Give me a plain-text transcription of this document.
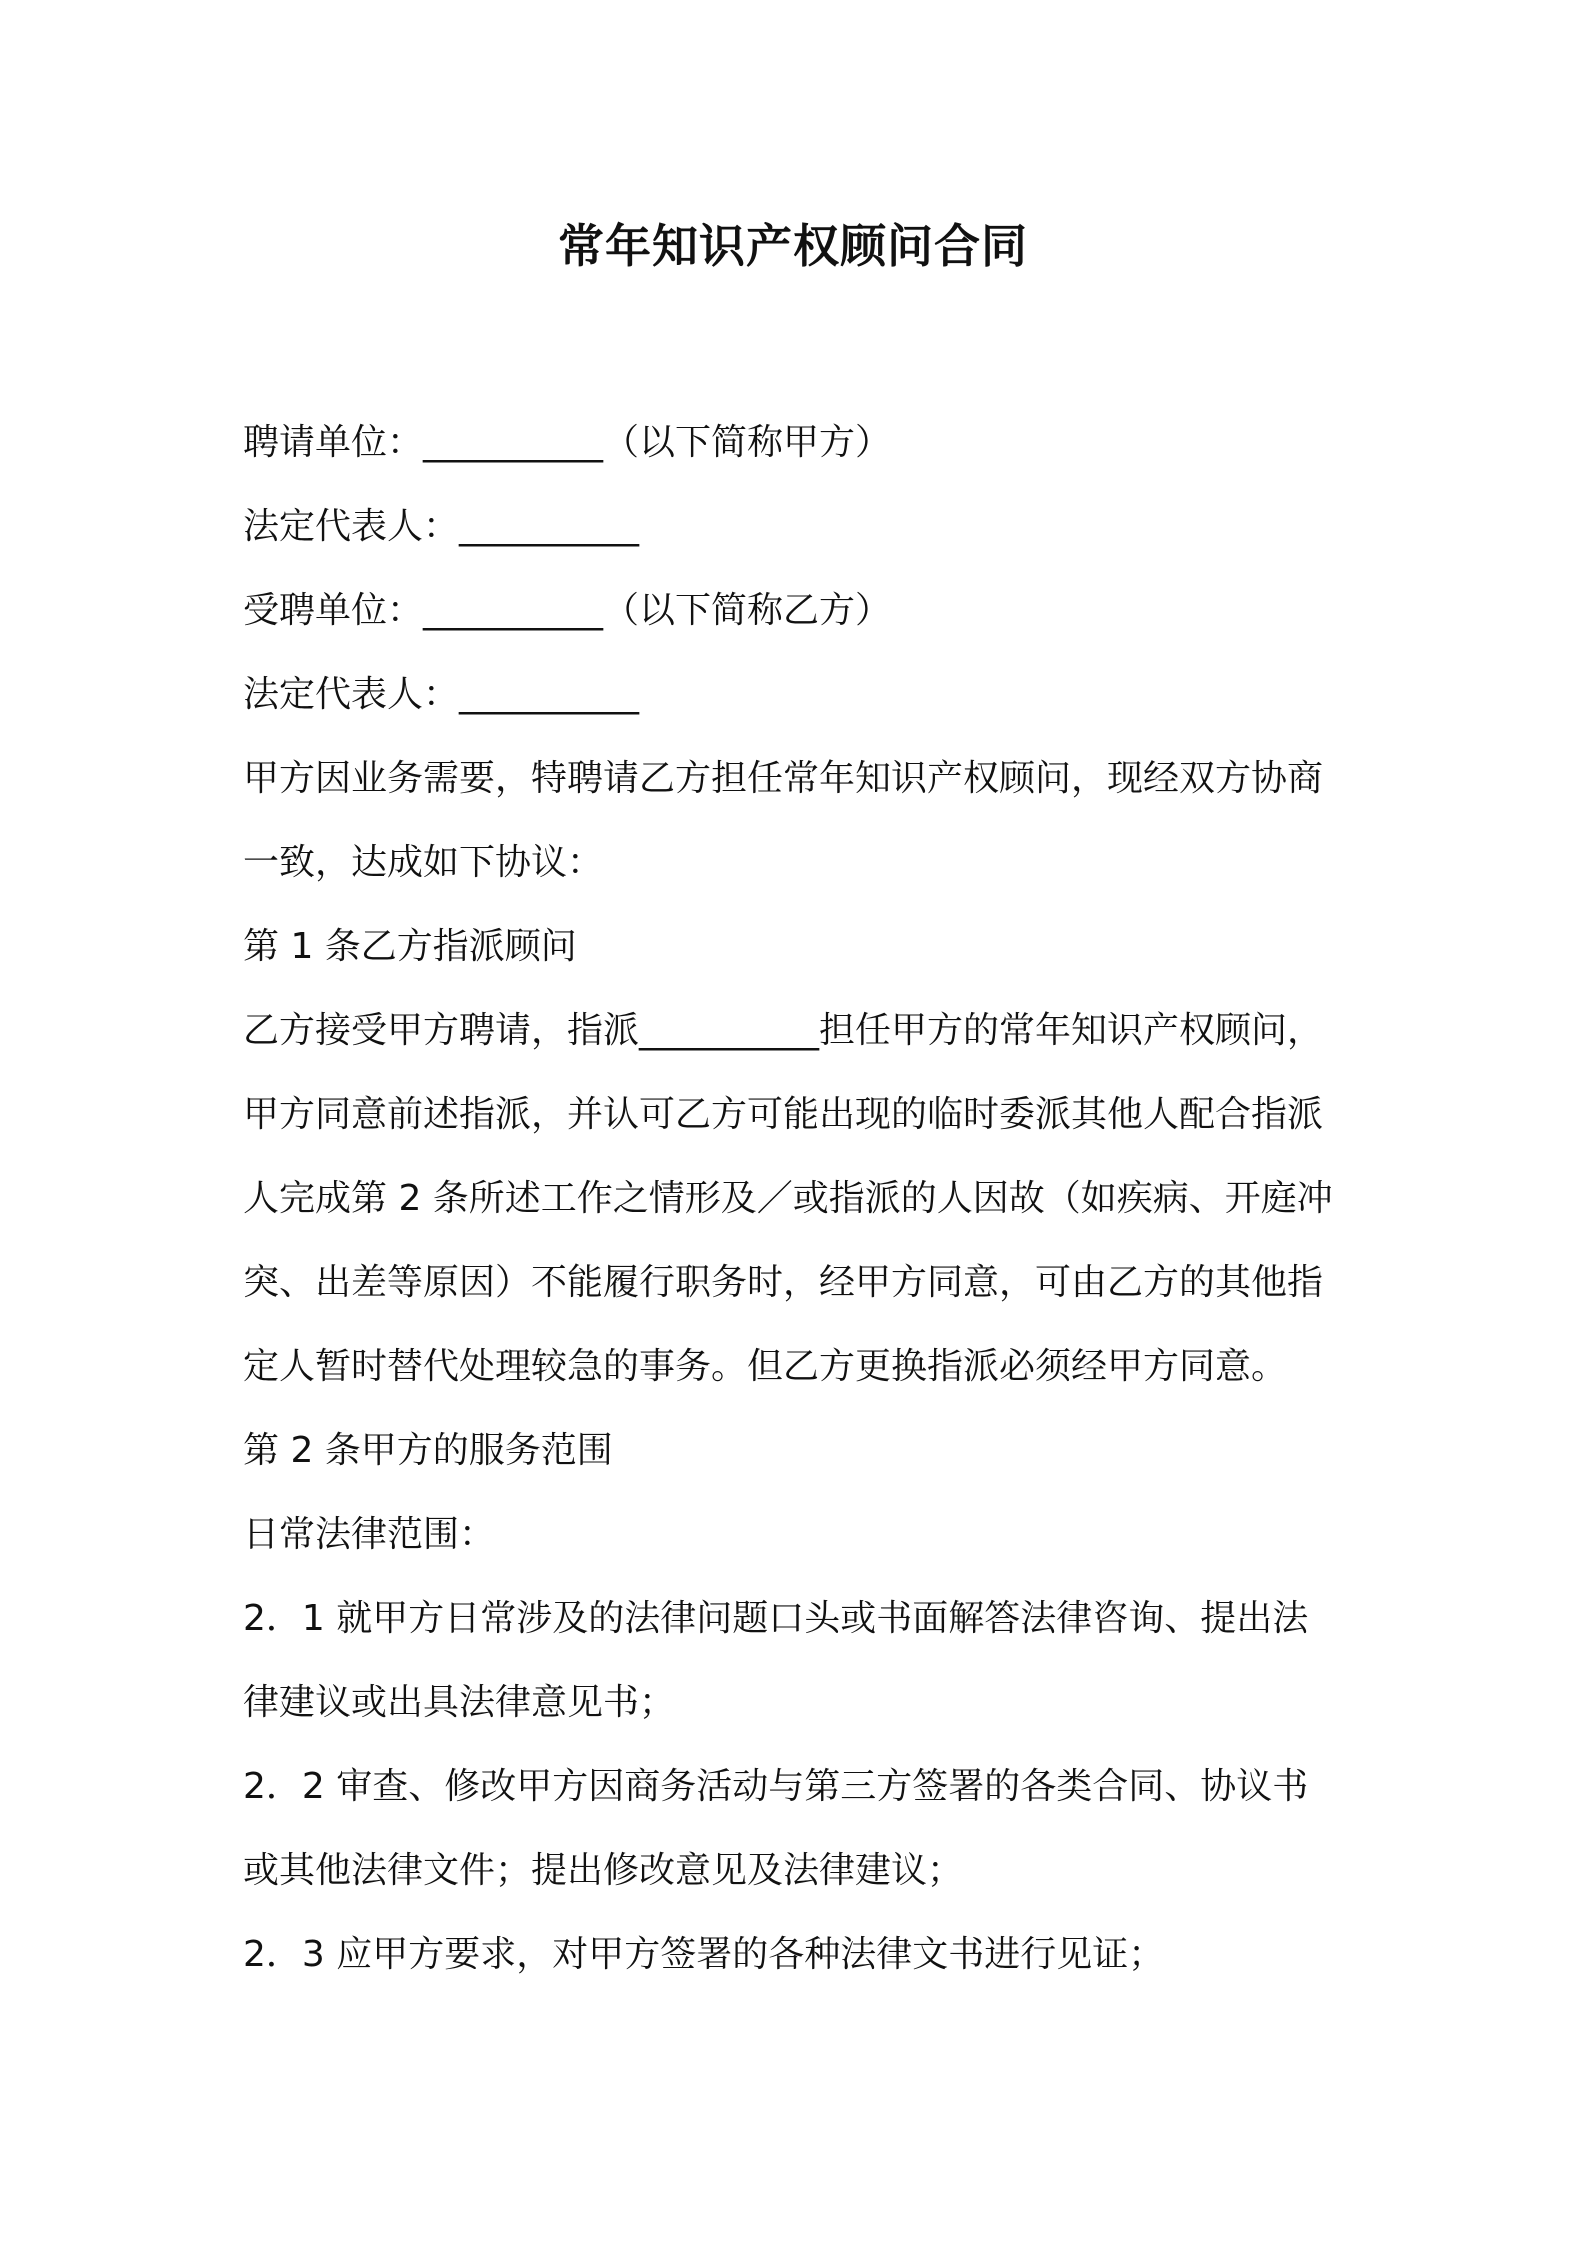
常年知识产权顾问合同
聘请单位：__________（以下简称甲方）
法定代表人：__________
受聘单位：__________（以下简称乙方）
法定代表人：__________
甲方因业务需要，特聘请乙方担任常年知识产权顾问，现经双方协商
一致，达成如下协议：
第 1 条乙方指派顾问
乙方接受甲方聘请，指派__________担任甲方的常年知识产权顾问，
甲方同意前述指派，并认可乙方可能出现的临时委派其他人配合指派
人完成第 2 条所述工作之情形及／或指派的人因故（如疾病、开庭冲
突、出差等原因）不能履行职务时，经甲方同意，可由乙方的其他指
定人暂时替代处理较急的事务。但乙方更换指派必须经甲方同意。
第 2 条甲方的服务范围
日常法律范围：
2．1 就甲方日常涉及的法律问题口头或书面解答法律咨询、提出法
律建议或出具法律意见书；
2．2 审查、修改甲方因商务活动与第三方签署的各类合同、协议书
或其他法律文件；提出修改意见及法律建议；
2．3 应甲方要求，对甲方签署的各种法律文书进行见证；
